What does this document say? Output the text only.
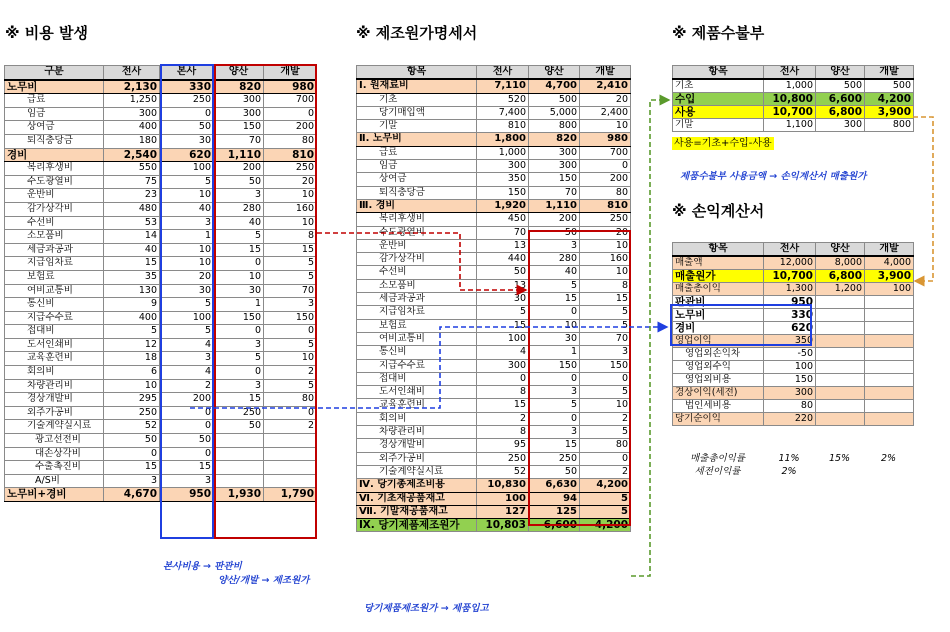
※ 비용 발생	※ 제조원가명세서	※ 제품수불부
※ 손익계산서
구분	전사	본사	양산	개발
노무비	2,130	330	820	980
급료	1,250	250	300	700
임금	300	0	300	0
상여금	400	50	150	200
퇴직충당금	180	30	70	80
경비	2,540	620	1,110	810
복리후생비	550	100	200	250
수도광열비	75	5	50	20
운반비	23	10	3	10
감가상각비	480	40	280	160
수선비	53	3	40	10
소모품비	14	1	5	8
세금과공과	40	10	15	15
지급임차료	15	10	0	5
보험료	35	20	10	5
여비교통비	130	30	30	70
통신비	9	5	1	3
지급수수료	400	100	150	150
접대비	5	5	0	0
도서인쇄비	12	4	3	5
교육훈련비	18	3	5	10
회의비	6	4	0	2
차량관리비	10	2	3	5
경상개발비	295	200	15	80
외주가공비	250	0	250	0
기술계약실시료	52	0	50	2
광고선전비	50	50		
대손상각비	0	0		
수출촉진비	15	15		
A/S비	3	3		
노무비+경비	4,670	950	1,930	1,790
항목	전사	양산	개발
Ⅰ. 원재료비	7,110	4,700	2,410
기초	520	500	20
당기매입액	7,400	5,000	2,400
기말	810	800	10
Ⅱ. 노무비	1,800	820	980
급료	1,000	300	700
임금	300	300	0
상여금	350	150	200
퇴직충당금	150	70	80
Ⅲ. 경비	1,920	1,110	810
복리후생비	450	200	250
수도광열비	70	50	20
운반비	13	3	10
감가상각비	440	280	160
수선비	50	40	10
소모품비	13	5	8
세금과공과	30	15	15
지급임차료	5	0	5
보험료	15	10	5
여비교통비	100	30	70
통신비	4	1	3
지급수수료	300	150	150
접대비	0	0	0
도서인쇄비	8	3	5
교육훈련비	15	5	10
회의비	2	0	2
차량관리비	8	3	5
경상개발비	95	15	80
외주가공비	250	250	0
기술계약실시료	52	50	2
Ⅳ. 당기총제조비용	10,830	6,630	4,200
Ⅵ. 기초재공품재고	100	94	5
Ⅶ. 기말재공품재고	127	125	5
Ⅸ. 당기제품제조원가	10,803	6,600	4,200
항목	전사	양산	개발
기초	1,000	500	500
수입	10,800	6,600	4,200
사용	10,700	6,800	3,900
기말	1,100	300	800
사용=기초+수입-사용
항목	전사	양산	개발
매출액	12,000	8,000	4,000
매출원가	10,700	6,800	3,900
매출총이익	1,300	1,200	100
판관비	950		
노무비	330		
경비	620		
영업이익	350		
영업외손익차	-50		
영업외수익	100		
영업외비용	150		
경상이익(세전)	300		
법인세비용	80		
당기순이익	220		
매출총이익률	11%	15%	2%
세전이익률	2%
제품수불부 사용금액 → 손익계산서 매출원가
본사비용 → 판관비
양산/개발 → 제조원가
당기제품제조원가 → 제품입고
